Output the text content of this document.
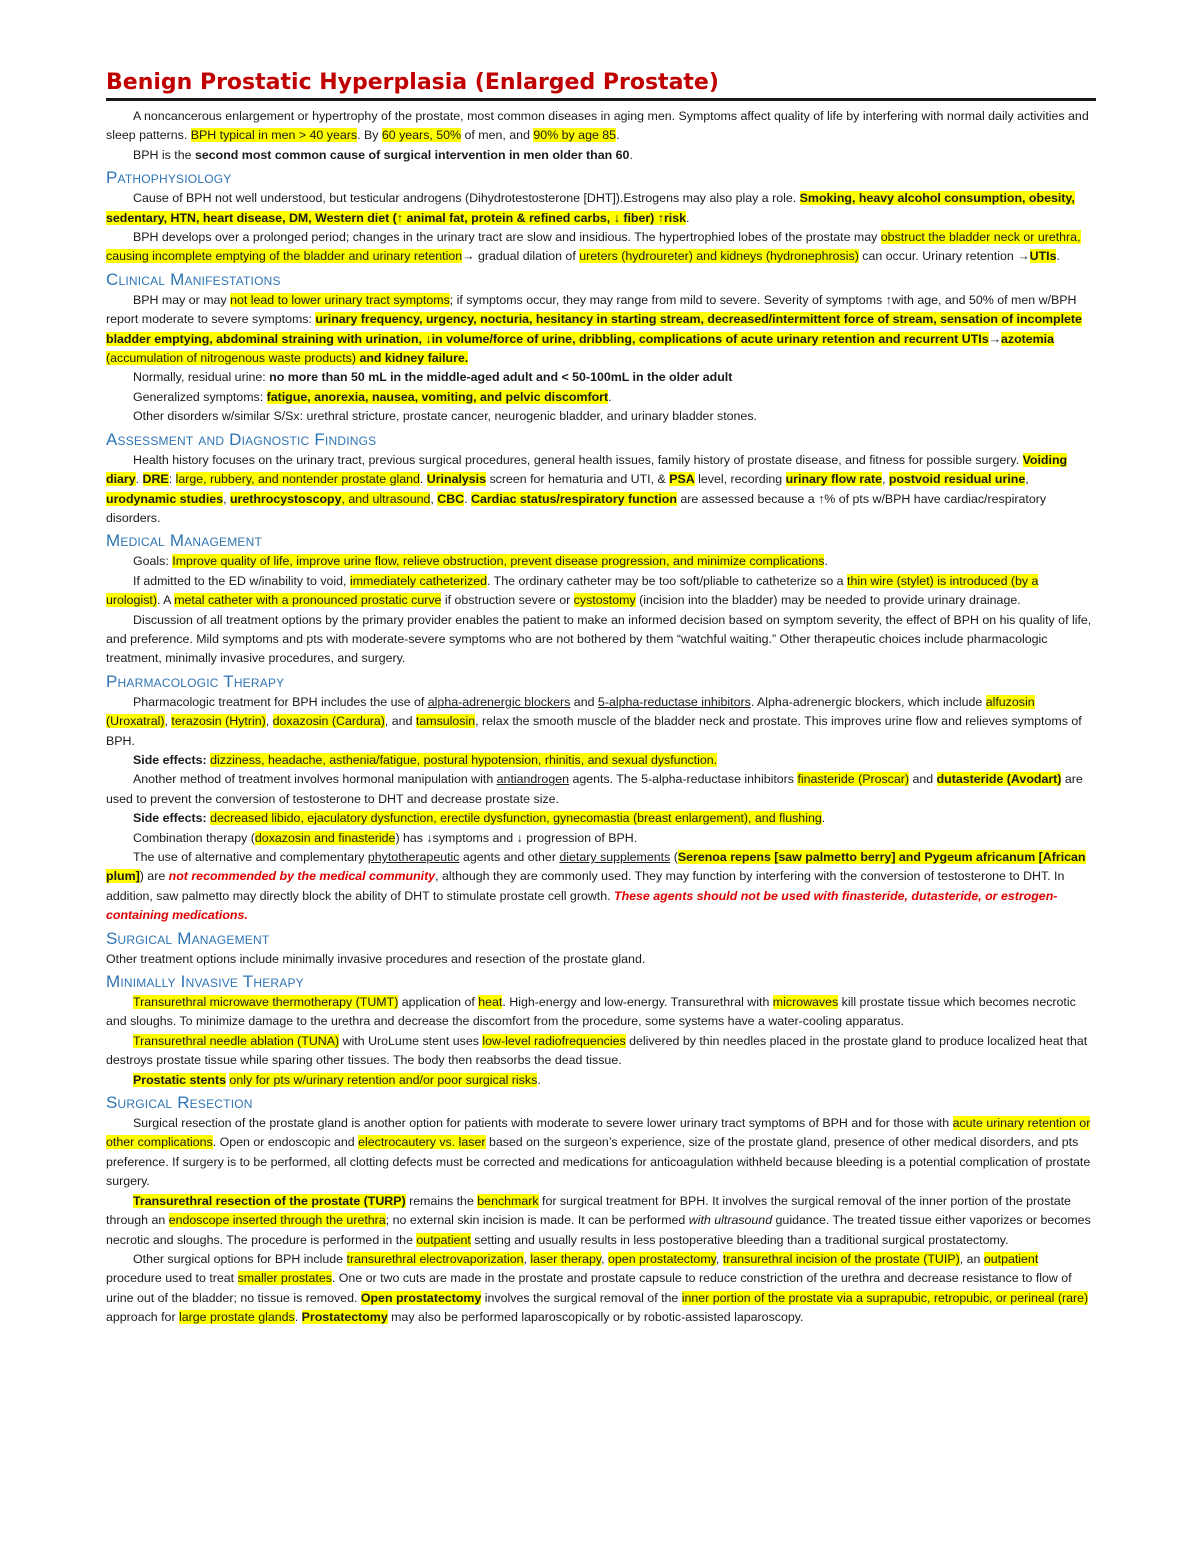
Benign Prostatic Hyperplasia (Enlarged Prostate)

A noncancerous enlargement or hypertrophy of the prostate, most common diseases in aging men. Symptoms affect quality of life by interfering with normal daily activities and sleep patterns. BPH typical in men > 40 years. By 60 years, 50% of men, and 90% by age 85.

BPH is the second most common cause of surgical intervention in men older than 60.

Pathophysiology

Cause of BPH not well understood, but testicular androgens (Dihydrotestosterone [DHT]).Estrogens may also play a role. Smoking, heavy alcohol consumption, obesity, sedentary, HTN, heart disease, DM, Western diet (↑ animal fat, protein & refined carbs, ↓ fiber) ↑risk.

BPH develops over a prolonged period; changes in the urinary tract are slow and insidious. The hypertrophied lobes of the prostate may obstruct the bladder neck or urethra, causing incomplete emptying of the bladder and urinary retention→ gradual dilation of ureters (hydroureter) and kidneys (hydronephrosis) can occur. Urinary retention →UTIs.

Clinical Manifestations

BPH may or may not lead to lower urinary tract symptoms; if symptoms occur, they may range from mild to severe. Severity of symptoms ↑with age, and 50% of men w/BPH report moderate to severe symptoms: urinary frequency, urgency, nocturia, hesitancy in starting stream, decreased/intermittent force of stream, sensation of incomplete bladder emptying, abdominal straining with urination, ↓in volume/force of urine, dribbling, complications of acute urinary retention and recurrent UTIs→azotemia (accumulation of nitrogenous waste products) and kidney failure.

Normally, residual urine: no more than 50 mL in the middle-aged adult and < 50-100mL in the older adult

Generalized symptoms: fatigue, anorexia, nausea, vomiting, and pelvic discomfort.

Other disorders w/similar S/Sx: urethral stricture, prostate cancer, neurogenic bladder, and urinary bladder stones.

Assessment and Diagnostic Findings

Health history focuses on the urinary tract, previous surgical procedures, general health issues, family history of prostate disease, and fitness for possible surgery. Voiding diary. DRE: large, rubbery, and nontender prostate gland. Urinalysis screen for hematuria and UTI, & PSA level, recording urinary flow rate, postvoid residual urine, urodynamic studies, urethrocystoscopy, and ultrasound, CBC. Cardiac status/respiratory function are assessed because a ↑% of pts w/BPH have cardiac/respiratory disorders.

Medical Management

Goals: Improve quality of life, improve urine flow, relieve obstruction, prevent disease progression, and minimize complications.

If admitted to the ED w/inability to void, immediately catheterized. The ordinary catheter may be too soft/pliable to catheterize so a thin wire (stylet) is introduced (by a urologist). A metal catheter with a pronounced prostatic curve if obstruction severe or cystostomy (incision into the bladder) may be needed to provide urinary drainage.

Discussion of all treatment options by the primary provider enables the patient to make an informed decision based on symptom severity, the effect of BPH on his quality of life, and preference. Mild symptoms and pts with moderate-severe symptoms who are not bothered by them “watchful waiting.” Other therapeutic choices include pharmacologic treatment, minimally invasive procedures, and surgery.

Pharmacologic Therapy

Pharmacologic treatment for BPH includes the use of alpha-adrenergic blockers and 5-alpha-reductase inhibitors. Alpha-adrenergic blockers, which include alfuzosin (Uroxatral), terazosin (Hytrin), doxazosin (Cardura), and tamsulosin, relax the smooth muscle of the bladder neck and prostate. This improves urine flow and relieves symptoms of BPH.

Side effects: dizziness, headache, asthenia/fatigue, postural hypotension, rhinitis, and sexual dysfunction.

Another method of treatment involves hormonal manipulation with antiandrogen agents. The 5-alpha-reductase inhibitors finasteride (Proscar) and dutasteride (Avodart) are used to prevent the conversion of testosterone to DHT and decrease prostate size.

Side effects: decreased libido, ejaculatory dysfunction, erectile dysfunction, gynecomastia (breast enlargement), and flushing.

Combination therapy (doxazosin and finasteride) has ↓symptoms and ↓ progression of BPH.

The use of alternative and complementary phytotherapeutic agents and other dietary supplements (Serenoa repens [saw palmetto berry] and Pygeum africanum [African plum]) are not recommended by the medical community, although they are commonly used. They may function by interfering with the conversion of testosterone to DHT. In addition, saw palmetto may directly block the ability of DHT to stimulate prostate cell growth. These agents should not be used with finasteride, dutasteride, or estrogen-containing medications.

Surgical Management

Other treatment options include minimally invasive procedures and resection of the prostate gland.

Minimally Invasive Therapy

Transurethral microwave thermotherapy (TUMT) application of heat. High-energy and low-energy. Transurethral with microwaves kill prostate tissue which becomes necrotic and sloughs. To minimize damage to the urethra and decrease the discomfort from the procedure, some systems have a water-cooling apparatus.

Transurethral needle ablation (TUNA) with UroLume stent uses low-level radiofrequencies delivered by thin needles placed in the prostate gland to produce localized heat that destroys prostate tissue while sparing other tissues. The body then reabsorbs the dead tissue.

Prostatic stents only for pts w/urinary retention and/or poor surgical risks.

Surgical Resection

Surgical resection of the prostate gland is another option for patients with moderate to severe lower urinary tract symptoms of BPH and for those with acute urinary retention or other complications. Open or endoscopic and electrocautery vs. laser based on the surgeon’s experience, size of the prostate gland, presence of other medical disorders, and pts preference. If surgery is to be performed, all clotting defects must be corrected and medications for anticoagulation withheld because bleeding is a potential complication of prostate surgery.

Transurethral resection of the prostate (TURP) remains the benchmark for surgical treatment for BPH. It involves the surgical removal of the inner portion of the prostate through an endoscope inserted through the urethra; no external skin incision is made. It can be performed with ultrasound guidance. The treated tissue either vaporizes or becomes necrotic and sloughs. The procedure is performed in the outpatient setting and usually results in less postoperative bleeding than a traditional surgical prostatectomy.

Other surgical options for BPH include transurethral electrovaporization, laser therapy, open prostatectomy, transurethral incision of the prostate (TUIP), an outpatient procedure used to treat smaller prostates. One or two cuts are made in the prostate and prostate capsule to reduce constriction of the urethra and decrease resistance to flow of urine out of the bladder; no tissue is removed. Open prostatectomy involves the surgical removal of the inner portion of the prostate via a suprapubic, retropubic, or perineal (rare) approach for large prostate glands. Prostatectomy may also be performed laparoscopically or by robotic-assisted laparoscopy.
